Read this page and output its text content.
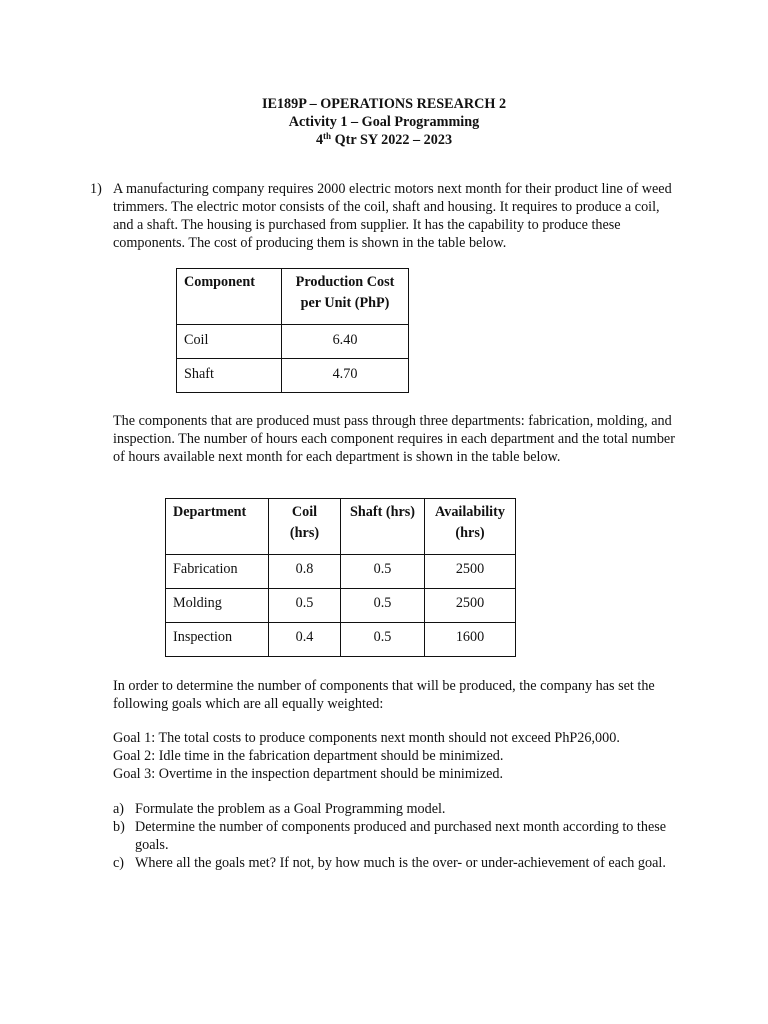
IE189P – OPERATIONS RESEARCH 2
Activity 1 – Goal Programming
4th Qtr SY 2022 – 2023
1) A manufacturing company requires 2000 electric motors next month for their product line of weed trimmers. The electric motor consists of the coil, shaft and housing. It requires to produce a coil, and a shaft. The housing is purchased from supplier. It has the capability to produce these components. The cost of producing them is shown in the table below.

Component	Production Cost per Unit (PhP)
Coil	6.40
Shaft	4.70

The components that are produced must pass through three departments: fabrication, molding, and inspection. The number of hours each component requires in each department and the total number of hours available next month for each department is shown in the table below.

Department	Coil (hrs)	Shaft (hrs)	Availability (hrs)
Fabrication	0.8	0.5	2500
Molding	0.5	0.5	2500
Inspection	0.4	0.5	1600

In order to determine the number of components that will be produced, the company has set the following goals which are all equally weighted:

Goal 1: The total costs to produce components next month should not exceed PhP26,000.
Goal 2: Idle time in the fabrication department should be minimized.
Goal 3: Overtime in the inspection department should be minimized.
a) Formulate the problem as a Goal Programming model.
b) Determine the number of components produced and purchased next month according to these goals.
c) Where all the goals met? If not, by how much is the over- or under-achievement of each goal.
